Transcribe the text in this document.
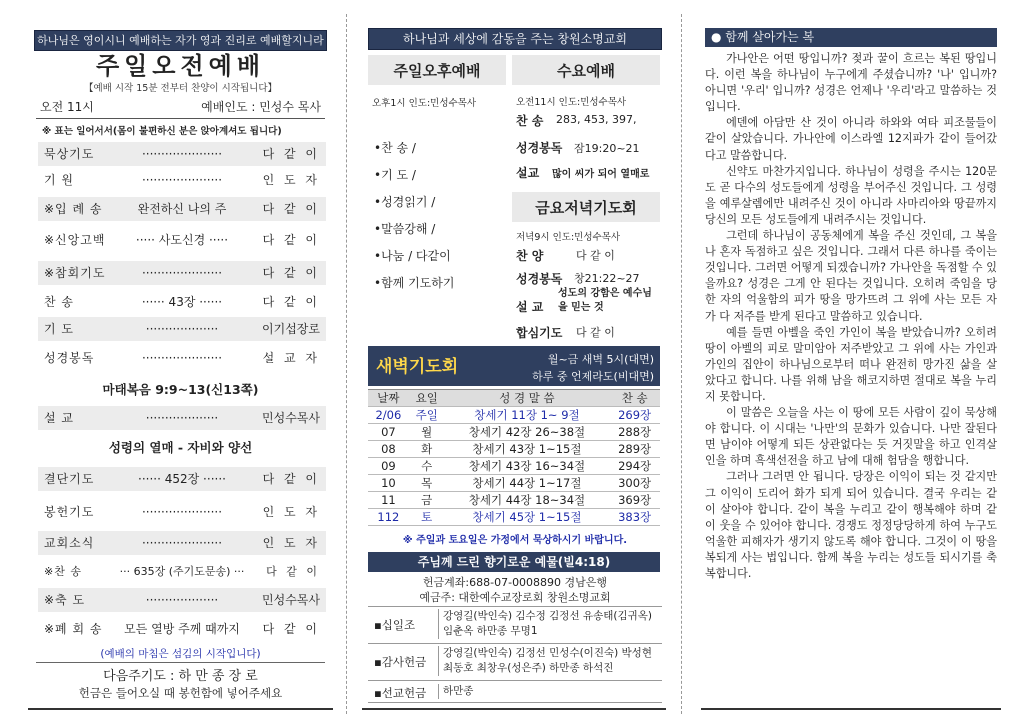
하나님은 영이시니 예배하는 자가 영과 진리로 예배할지니라
주일오전예배
【예배 시작 15분 전부터 찬양이 시작됩니다】
오전 11시	예배인도 : 민성수 목사
※ 표는 일어서서(몸이 불편하신 분은 앉아계셔도 됩니다)
묵상기도	·····················	다 같 이
기 원	·····················	인 도 자
※입 례 송	완전하신 나의 주	다 같 이
※신앙고백	····· 사도신경 ·····	다 같 이
※참회기도	·····················	다 같 이
찬 송	······ 43장 ······	다 같 이
기 도	···················	이기섭장로
성경봉독	·····················	설 교 자
마태복음 9:9~13(신13쪽)
설 교	···················	민성수목사
성령의 열매 - 자비와 양선
결단기도	······ 452장 ······	다 같 이
봉헌기도	·····················	인 도 자
교회소식	·····················	인 도 자
※찬 송	··· 635장 (주기도문송) ···	다 같 이
※축 도	···················	민성수목사
※폐 회 송	모든 열방 주께 때까지	다 같 이
(예배의 마침은 섬김의 시작입니다)
다음주기도 : 하 만 종 장 로
헌금은 들어오실 때 봉헌함에 넣어주세요
하나님과 세상에 감동을 주는 창원소명교회
주일오후예배
오후1시 인도:민성수목사
•찬 송 /
•기 도 /
•성경읽기 /
•말씀강해 /
•나눔 / 다같이
•함께 기도하기
수요예배
오전11시 인도:민성수목사
찬 송 283, 453, 397,
성경봉독 잠19:20~21
설교 많이 씨가 되어 열매로
금요저녁기도회
저녁9시 인도:민성수목사
찬 양	다 같 이
성경봉독 창21:22~27
설 교
성도의 강함은 예수님을 믿는 것
합심기도 다 같 이
새벽기도회	월~금 새벽 5시(대면)
하루 중 언제라도(비대면)
날짜	요일	성 경 말 씀	찬 송
2/06	주일	창세기 11장 1~ 9절	269장
07	월	창세기 42장 26~38절	288장
08	화	창세기 43장 1~15절	289장
09	수	창세기 43장 16~34절	294장
10	목	창세기 44장 1~17절	300장
11	금	창세기 44장 18~34절	369장
112	토	창세기 45장 1~15절	383장
※ 주일과 토요일은 가정에서 묵상하시기 바랍니다.
주님께 드린 향기로운 예물(빌4:18)
헌금계좌:688-07-0008890 경남은행
예금주: 대한예수교장로회 창원소명교회
▪십일조
강영길(박인숙) 김수정 김정선 유송태(김귀옥) 임춘옥 하만종 무명1
▪감사헌금
강영길(박인숙) 김정선 민성수(이진숙) 박성현 최동호 최창우(성은주) 하만종 하석진
▪선교헌금	하만종
● 함께 살아가는 복

가나안은 어떤 땅입니까? 젖과 꿀이 흐르는 복된 땅입니다. 이런 복을 하나님이 누구에게 주셨습니까? '나' 입니까? 아니면 '우리' 입니까? 성경은 언제나 '우리'라고 말씀하는 것입니다.

에덴에 아담만 산 것이 아니라 하와와 여타 피조물들이 같이 살았습니다. 가나안에 이스라엘 12지파가 같이 들어갔다고 말씀합니다.

신약도 마찬가지입니다. 하나님이 성령을 주시는 120문도 곧 다수의 성도들에게 성령을 부어주신 것입니다. 그 성령을 예루살렘에만 내려주신 것이 아니라 사마리아와 땅끝까지 당신의 모든 성도들에게 내려주시는 것입니다.

그런데 하나님이 공동체에게 복을 주신 것인데, 그 복을 나 혼자 독점하고 싶은 것입니다. 그래서 다른 하나를 죽이는 것입니다. 그러면 어떻게 되겠습니까? 가나안을 독점할 수 있을까요? 성경은 그게 안 된다는 것입니다. 오히려 죽임을 당한 자의 억울함의 피가 땅을 망가뜨려 그 위에 사는 모든 자가 다 저주를 받게 된다고 말씀하고 있습니다.

예를 들면 아벨을 죽인 가인이 복을 받았습니까? 오히려 땅이 아벨의 피로 말미암아 저주받았고 그 위에 사는 가인과 가인의 집안이 하나님으로부터 떠나 완전히 망가진 삶을 살았다고 합니다. 나를 위해 남을 해코지하면 절대로 복을 누리지 못합니다.

이 말씀은 오늘을 사는 이 땅에 모든 사람이 깊이 묵상해야 합니다. 이 시대는 '나만'의 문화가 있습니다. 나만 잘된다면 남이야 어떻게 되든 상관없다는 듯 거짓말을 하고 인격살인을 하며 흑색선전을 하고 남에 대해 험담을 행합니다.

그러나 그러면 안 됩니다. 당장은 이익이 되는 것 같지만 그 이익이 도리어 화가 되게 되어 있습니다. 결국 우리는 같이 살아야 합니다. 같이 복을 누리고 같이 행복해야 하며 같이 웃을 수 있어야 합니다. 경쟁도 정정당당하게 하여 누구도 억울한 피해자가 생기지 않도록 해야 합니다. 그것이 이 땅을 복되게 사는 법입니다. 함께 복을 누리는 성도들 되시기를 축복합니다.
